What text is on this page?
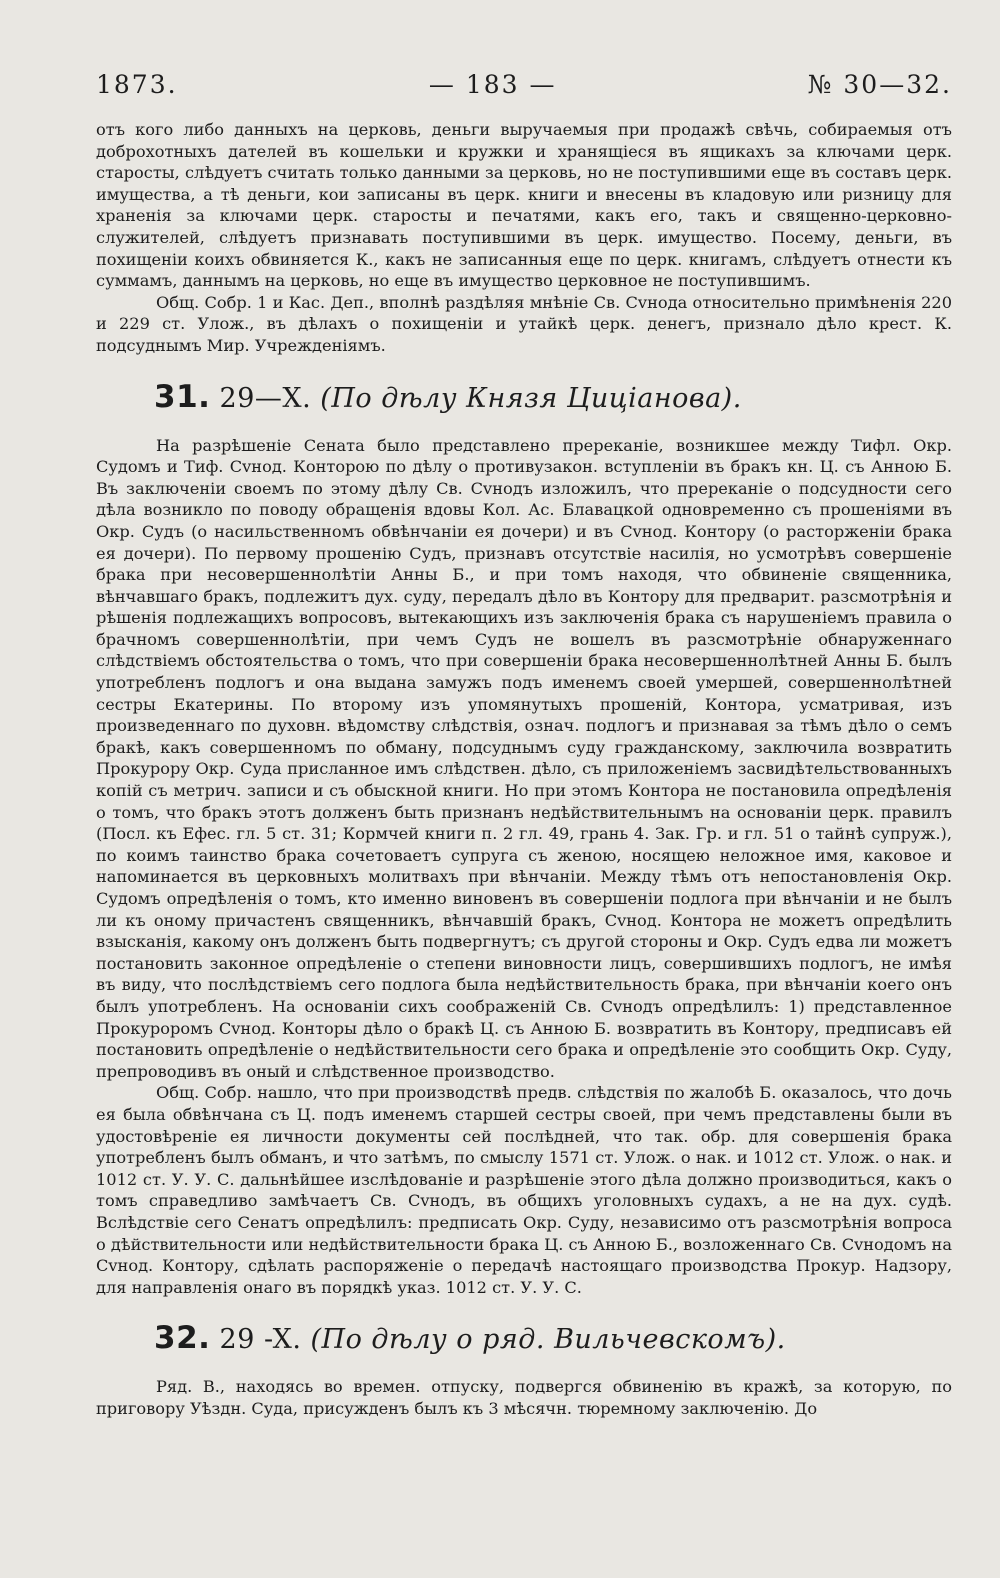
1873.	— 183 —	№ 30—32.

отъ кого либо данныхъ на церковь, деньги выручаемыя при продажѣ свѣчь, собираемыя отъ доброхотныхъ дателей въ кошельки и кружки и хранящiеся въ ящикахъ за ключами церк. старосты, слѣдуетъ считать только данными за церковь, но не поступившими еще въ составъ церк. имущества, а тѣ деньги, кои записаны въ церк. книги и внесены въ кладовую или ризницу для храненiя за ключами церк. старосты и печатями, какъ его, такъ и священно-церковно-служителей, слѣдуетъ признавать поступившими въ церк. имущество. Посему, деньги, въ похищенiи коихъ обвиняется К., какъ не записанныя еще по церк. книгамъ, слѣдуетъ отнести къ суммамъ, даннымъ на церковь, но еще въ имущество церковное не поступившимъ.

Общ. Собр. 1 и Кас. Деп., вполнѣ раздѣляя мнѣнiе Св. Сvнода относительно примѣненiя 220 и 229 ст. Улож., въ дѣлахъ о похищенiи и утайкѣ церк. денегъ, признало дѣло крест. К. подсуднымъ Мир. Учрежденiямъ.

31. 29—X. (По дѣлу Князя Цицiанова).

На разрѣшенiе Сената было представлено пререканiе, возникшее между Тифл. Окр. Судомъ и Тиф. Сvнод. Конторою по дѣлу о противузакон. вступленiи въ бракъ кн. Ц. съ Анною Б. Въ заключенiи своемъ по этому дѣлу Св. Сvнодъ изложилъ, что пререканiе о подсудности сего дѣла возникло по поводу обращенiя вдовы Кол. Ас. Блавацкой одновременно съ прошенiями въ Окр. Судъ (о насильственномъ обвѣнчанiи ея дочери) и въ Сvнод. Контору (о расторженiи брака ея дочери). По первому прошенiю Судъ, признавъ отсутствiе насилiя, но усмотрѣвъ совершенiе брака при несовершеннолѣтiи Анны Б., и при томъ находя, что обвиненiе священника, вѣнчавшаго бракъ, подлежитъ дух. суду, передалъ дѣло въ Контору для предварит. разсмотрѣнiя и рѣшенiя подлежащихъ вопросовъ, вытекающихъ изъ заключенiя брака съ нарушенiемъ правила о брачномъ совершеннолѣтiи, при чемъ Судъ не вошелъ въ разсмотрѣнiе обнаруженнаго слѣдствiемъ обстоятельства о томъ, что при совершенiи брака несовершеннолѣтней Анны Б. былъ употребленъ подлогъ и она выдана замужъ подъ именемъ своей умершей, совершеннолѣтней сестры Екатерины. По второму изъ упомянутыхъ прошенiй, Контора, усматривая, изъ произведеннаго по духовн. вѣдомству слѣдствiя, означ. подлогъ и признавая за тѣмъ дѣло о семъ бракѣ, какъ совершенномъ по обману, подсуднымъ суду гражданскому, заключила возвратить Прокурору Окр. Суда присланное имъ слѣдствен. дѣло, съ приложенiемъ засвидѣтельствованныхъ копiй съ метрич. записи и съ обыскной книги. Но при этомъ Контора не постановила опредѣленiя о томъ, что бракъ этотъ долженъ быть признанъ недѣйствительнымъ на основанiи церк. правилъ (Посл. къ Ефес. гл. 5 ст. 31; Кормчей книги п. 2 гл. 49, грань 4. Зак. Гр. и гл. 51 о тайнѣ супруж.), по коимъ таинство брака сочетоваетъ супруга съ женою, носящею неложное имя, каковое и напоминается въ церковныхъ молитвахъ при вѣнчанiи. Между тѣмъ отъ непостановленiя Окр. Судомъ опредѣленiя о томъ, кто именно виновенъ въ совершенiи подлога при вѣнчанiи и не былъ ли къ оному причастенъ священникъ, вѣнчавшiй бракъ, Сvнод. Контора не можетъ опредѣлить взысканiя, какому онъ долженъ быть подвергнутъ; съ другой стороны и Окр. Судъ едва ли можетъ постановить законное опредѣленiе о степени виновности лицъ, совершившихъ подлогъ, не имѣя въ виду, что послѣдствiемъ сего подлога была недѣйствительность брака, при вѣнчанiи коего онъ былъ употребленъ. На основанiи сихъ соображенiй Св. Сvнодъ опредѣлилъ: 1) представленное Прокуроромъ Сvнод. Конторы дѣло о бракѣ Ц. съ Анною Б. возвратить въ Контору, предписавъ ей постановить опредѣленiе о недѣйствительности сего брака и опредѣленiе это сообщить Окр. Суду, препроводивъ въ оный и слѣдственное производство.

Общ. Собр. нашло, что при производствѣ предв. слѣдствiя по жалобѣ Б. оказалось, что дочь ея была обвѣнчана съ Ц. подъ именемъ старшей сестры своей, при чемъ представлены были въ удостовѣренiе ея личности документы сей послѣдней, что так. обр. для совершенiя брака употребленъ былъ обманъ, и что затѣмъ, по смыслу 1571 ст. Улож. о нак. и 1012 ст. Улож. о нак. и 1012 ст. У. У. С. дальнѣйшее изслѣдованiе и разрѣшенiе этого дѣла должно производиться, какъ о томъ справедливо замѣчаетъ Св. Сvнодъ, въ общихъ уголовныхъ судахъ, а не на дух. судѣ. Вслѣдствiе сего Сенатъ опредѣлилъ: предписать Окр. Суду, независимо отъ разсмотрѣнiя вопроса о дѣйствительности или недѣйствительности брака Ц. съ Анною Б., возложеннаго Св. Сvнодомъ на Сvнод. Контору, сдѣлать распоряженiе о передачѣ настоящаго производства Прокур. Надзору, для направленiя онаго въ порядкѣ указ. 1012 ст. У. У. С.

32. 29 -X. (По дѣлу о ряд. Вильчевскомъ).

Ряд. В., находясь во времен. отпуску, подвергся обвиненiю въ кражѣ, за которую, по приговору Уѣздн. Суда, присужденъ былъ къ 3 мѣсячн. тюремному заключенiю. До
